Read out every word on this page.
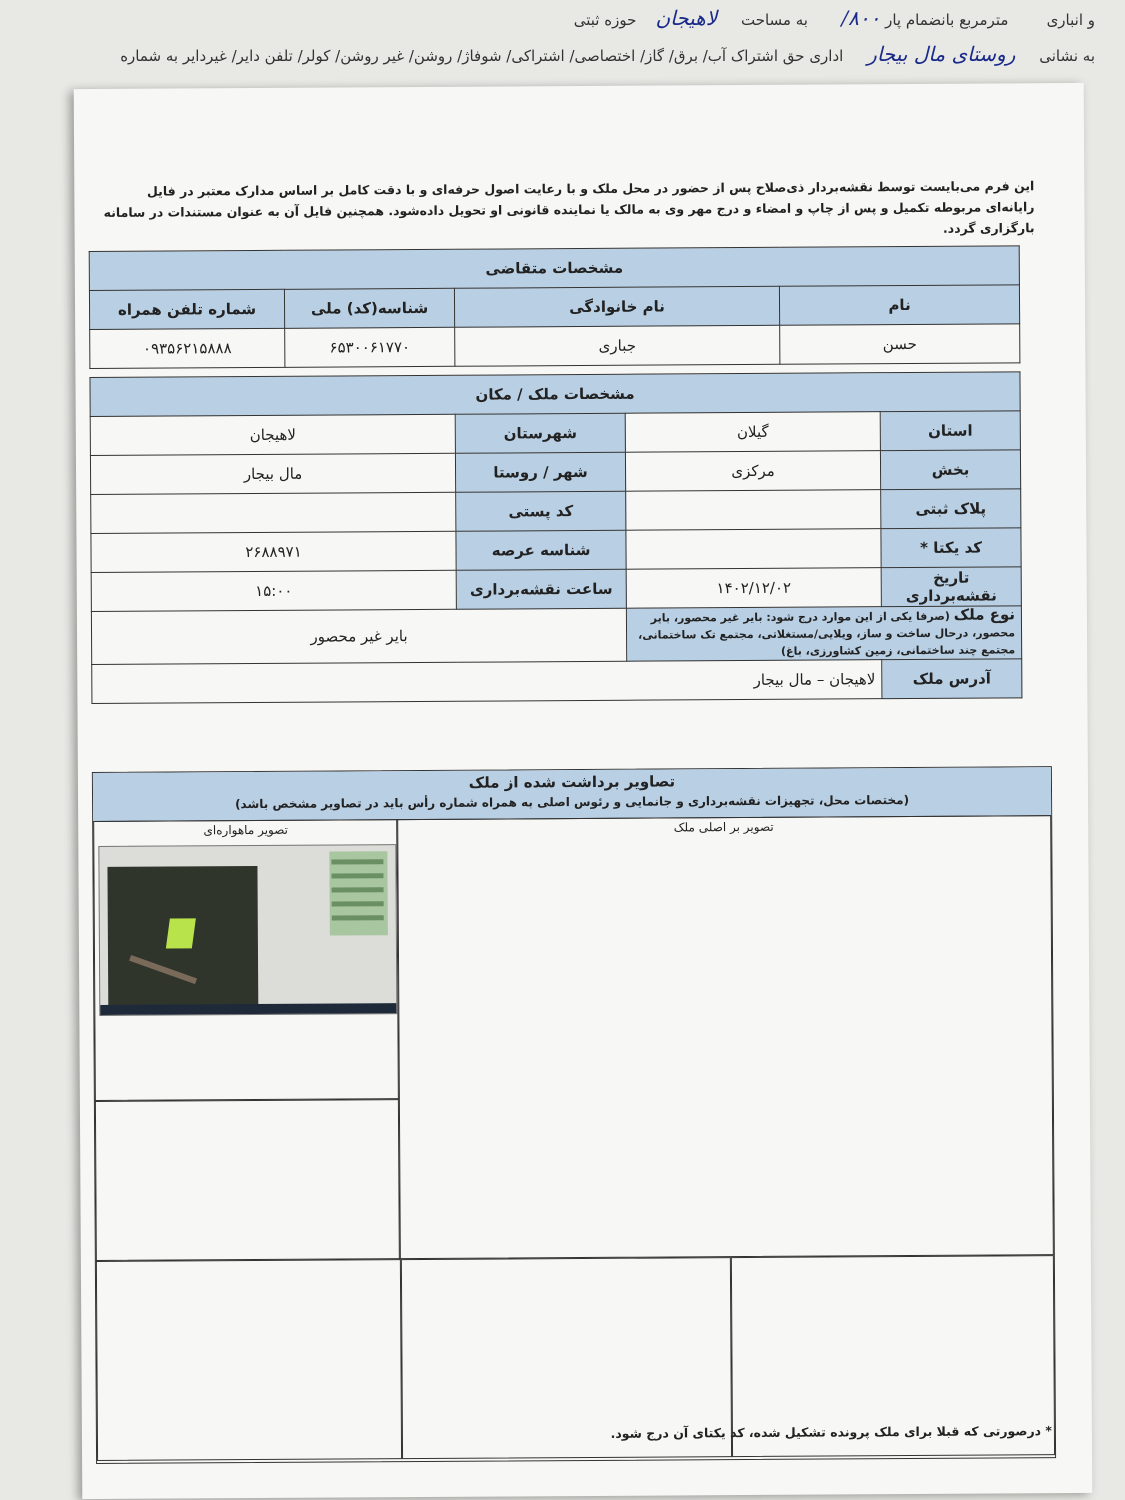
و انباری        مترمربع بانضمام پار ۸۰۰/       به مساحت     لاهیجان    حوزه ثبتی
به نشانی     روستای مال بیجار     اداری حق اشتراک آب/ برق/ گاز/ اختصاصی/ اشتراکی/ شوفاژ/ روشن/ غیر روشن/ کولر/ تلفن دایر/ غیردایر به شماره
این فرم می‌بایست توسط نقشه‌بردار ذی‌صلاح پس از حضور در محل ملک و با رعایت اصول حرفه‌ای و با دقت کامل بر اساس مدارک معتبر در فایل رایانه‌ای مربوطه تکمیل و پس از چاپ و امضاء و درج مهر وی به مالک یا نماینده قانونی او تحویل داده‌شود. همچنین فایل آن به عنوان مستندات در سامانه بارگزاری گردد.
مشخصات متقاضی			
نام	نام خانوادگی	شناسه(کد) ملی	شماره تلفن همراه
حسن	جباری	۶۵۳۰۰۶۱۷۷۰	۰۹۳۵۶۲۱۵۸۸۸
مشخصات ملک / مکان			
استان	گیلان	شهرستان	لاهیجان
بخش	مرکزی	شهر / روستا	مال بیجار
پلاک ثبتی		کد پستی	
کد یکتا *		شناسه عرصه	۲۶۸۸۹۷۱
تاریخ نقشه‌برداری	۱۴۰۲/۱۲/۰۲	ساعت نقشه‌برداری	۱۵:۰۰
نوع ملک (صرفا یکی از این موارد درج شود: بایر غیر محصور، بایر محصور، درحال ساخت و ساز، ویلایی/مستغلاتی، مجتمع تک ساختمانی، مجتمع چند ساختمانی، زمین کشاورزی، باغ)		بایر غیر محصور	
آدرس ملک	لاهیجان – مال بیجار		
تصاویر برداشت شده از ملک
(مختصات محل، تجهیزات نقشه‌برداری و جانمایی و رئوس اصلی به همراه شماره رأس باید در تصاویر مشخص باشد)
تصویر بر اصلی ملک
تصویر ماهواره‌ای
* درصورتی که قبلا برای ملک پرونده تشکیل شده، کد یکتای آن درج شود.
